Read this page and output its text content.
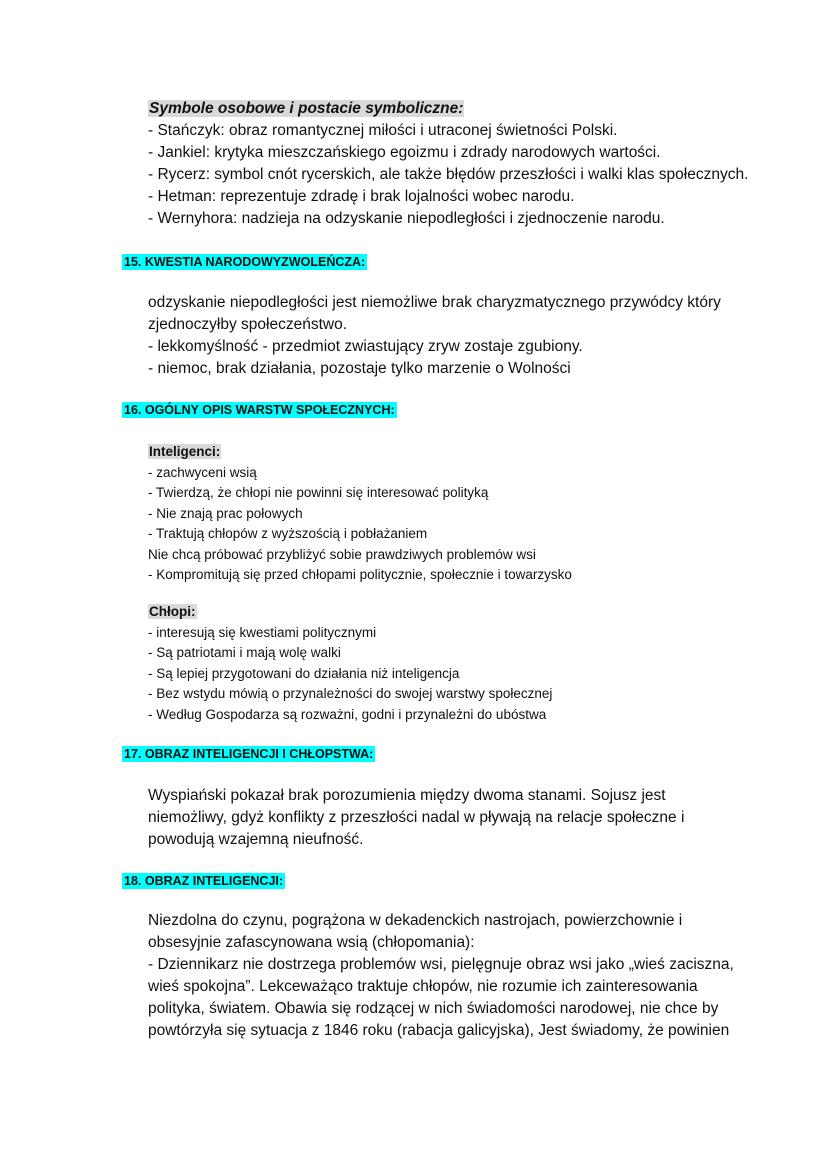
Symbole osobowe i postacie symboliczne:
- Stańczyk: obraz romantycznej miłości i utraconej świetności Polski.
- Jankiel: krytyka mieszczańskiego egoizmu i zdrady narodowych wartości.
- Rycerz: symbol cnót rycerskich, ale także błędów przeszłości i walki klas społecznych.
- Hetman: reprezentuje zdradę i brak lojalności wobec narodu.
- Wernyhora: nadzieja na odzyskanie niepodległości i zjednoczenie narodu.
15. KWESTIA NARODOWYZWOLEŃCZA:
odzyskanie niepodległości jest niemożliwe brak charyzmatycznego przywódcy który
zjednoczyłby społeczeństwo.
- lekkomyślność - przedmiot zwiastujący zryw zostaje zgubiony.
- niemoc, brak działania, pozostaje tylko marzenie o Wolności
16. OGÓLNY OPIS WARSTW SPOŁECZNYCH:
Inteligenci:
- zachwyceni wsią
- Twierdzą, że chłopi nie powinni się interesować polityką
- Nie znają prac połowych
- Traktują chłopów z wyższością i pobłażaniem
Nie chcą próbować przybliżyć sobie prawdziwych problemów wsi
- Kompromitują się przed chłopami politycznie, społecznie i towarzysko
Chłopi:
- interesują się kwestiami politycznymi
- Są patriotami i mają wolę walki
- Są lepiej przygotowani do działania niż inteligencja
- Bez wstydu mówią o przynależności do swojej warstwy społecznej
- Według Gospodarza są rozważni, godni i przynależni do ubóstwa
17. OBRAZ INTELIGENCJI I CHŁOPSTWA:
Wyspiański pokazał brak porozumienia między dwoma stanami. Sojusz jest
niemożliwy, gdyż konflikty z przeszłości nadal w pływają na relacje społeczne i
powodują wzajemną nieufność.
18. OBRAZ INTELIGENCJI:
Niezdolna do czynu, pogrążona w dekadenckich nastrojach, powierzchownie i
obsesyjnie zafascynowana wsią (chłopomania):
- Dziennikarz nie dostrzega problemów wsi, pielęgnuje obraz wsi jako „wieś zaciszna,
wieś spokojna”. Lekceważąco traktuje chłopów, nie rozumie ich zainteresowania
polityka, światem. Obawia się rodzącej w nich świadomości narodowej, nie chce by
powtórzyła się sytuacja z 1846 roku (rabacja galicyjska), Jest świadomy, że powinien
